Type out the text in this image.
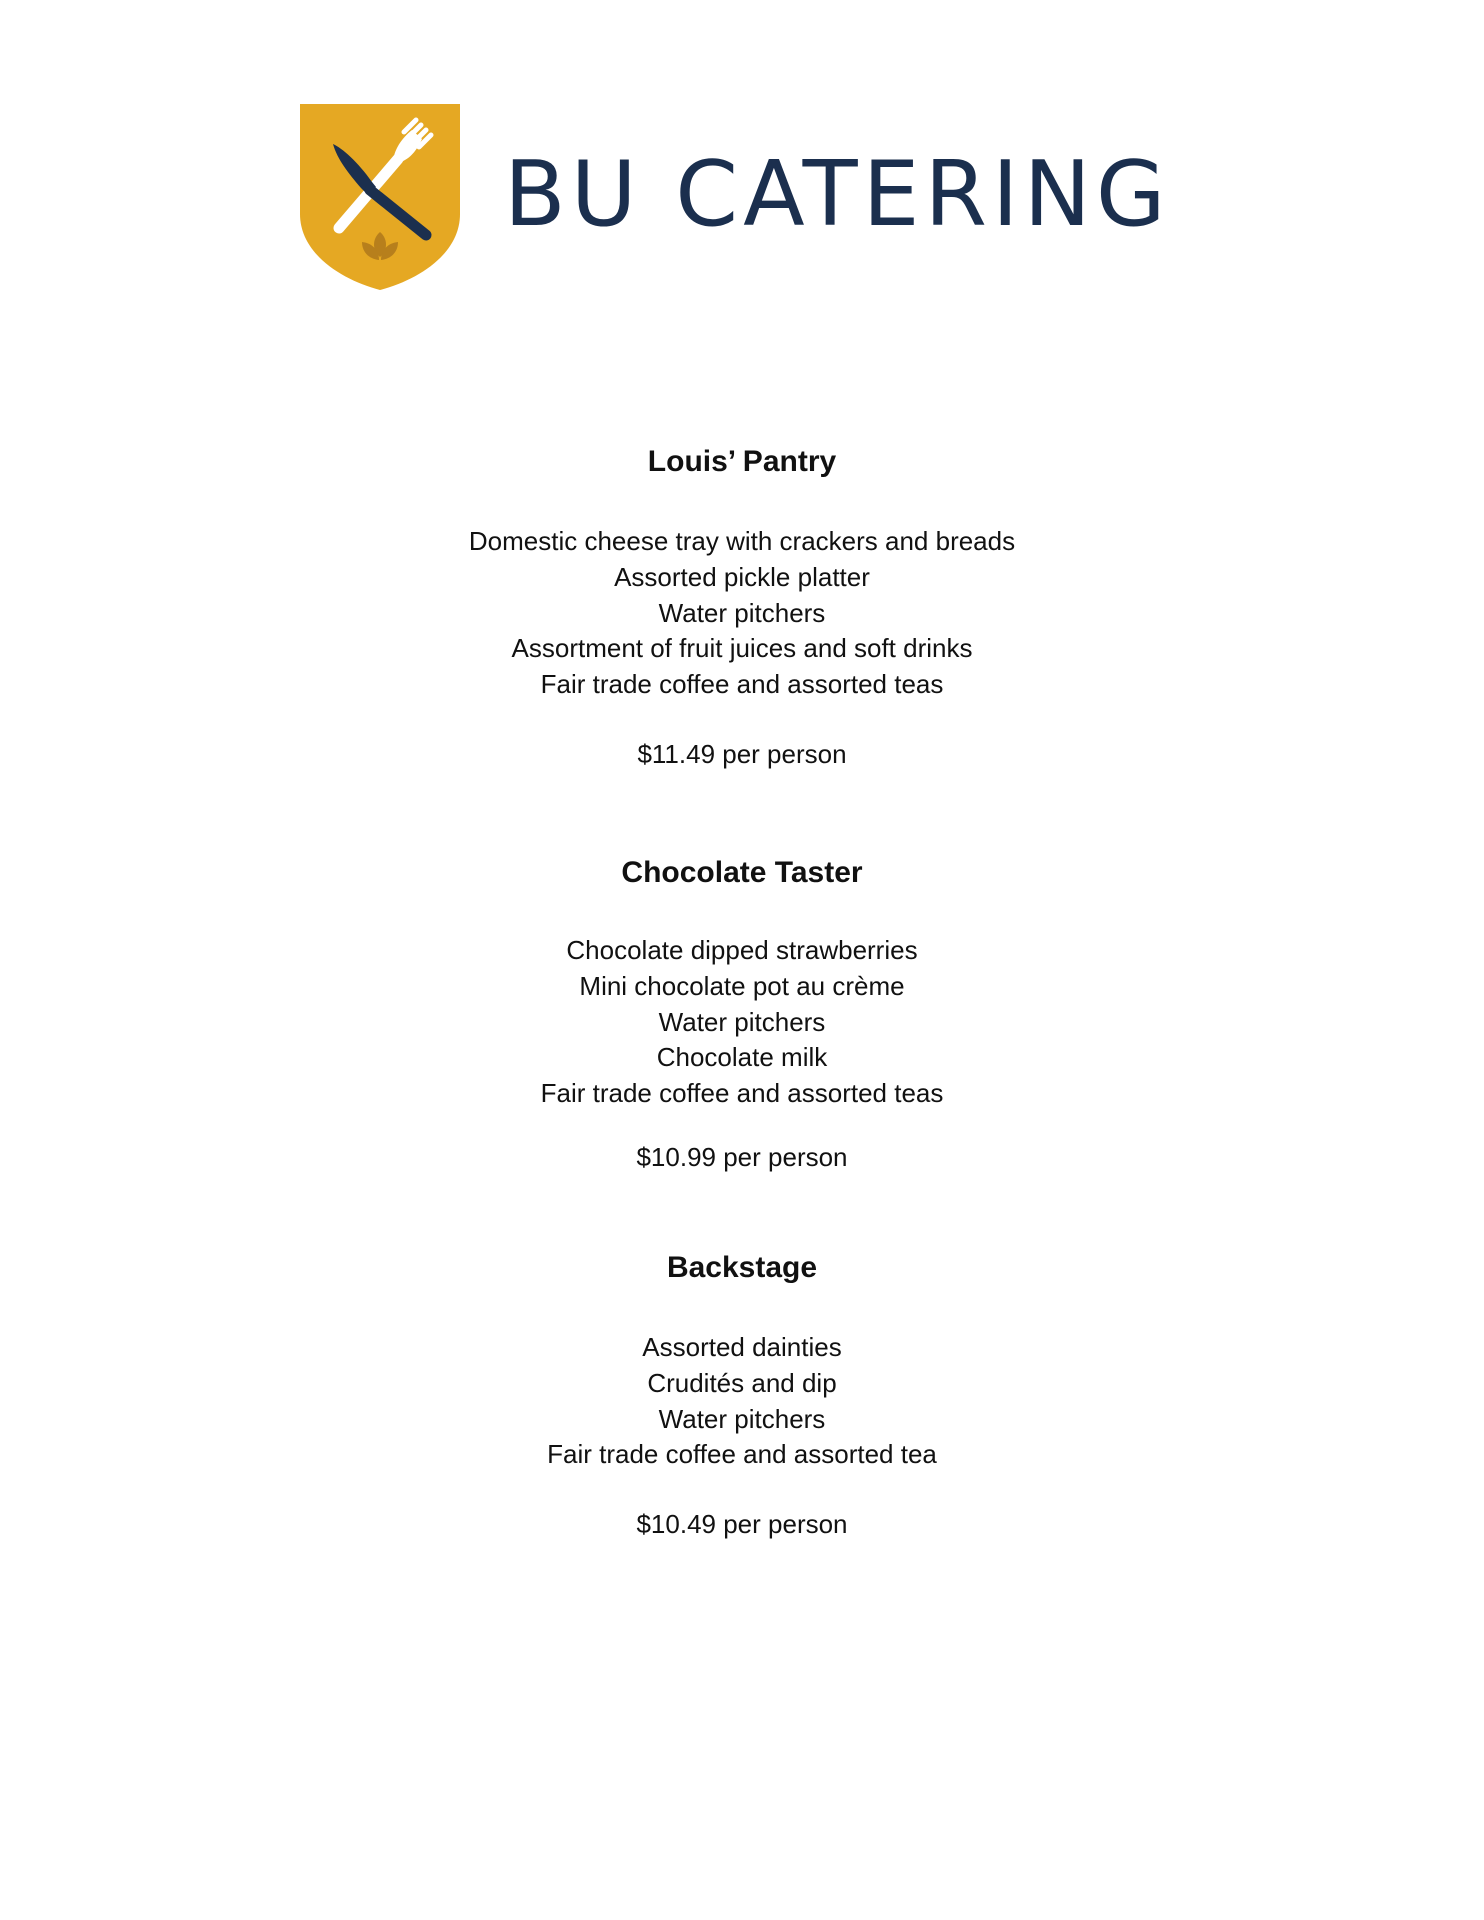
BU CATERING
Louis’ Pantry
Domestic cheese tray with crackers and breads
Assorted pickle platter
Water pitchers
Assortment of fruit juices and soft drinks
Fair trade coffee and assorted teas
$11.49 per person
Chocolate Taster
Chocolate dipped strawberries
Mini chocolate pot au crème
Water pitchers
Chocolate milk
Fair trade coffee and assorted teas
$10.99 per person
Backstage
Assorted dainties
Crudités and dip
Water pitchers
Fair trade coffee and assorted tea
$10.49 per person
